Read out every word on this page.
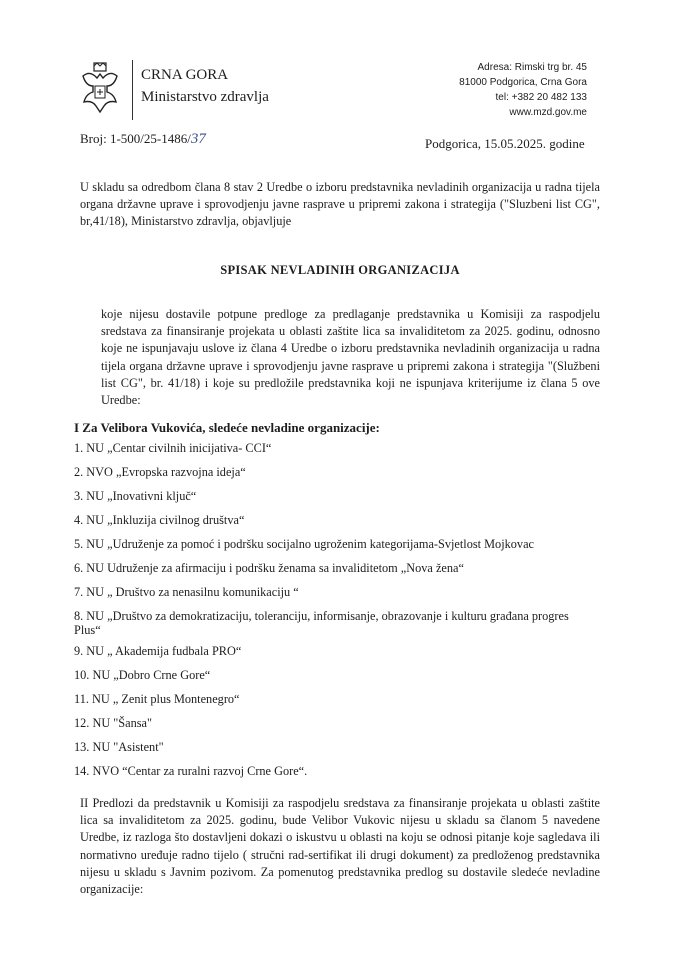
CRNA GORA
Ministarstvo zdravlja
Adresa: Rimski trg br. 45
81000 Podgorica, Crna Gora
tel: +382 20 482 133
www.mzd.gov.me
Broj: 1-500/25-1486/37	Podgorica, 15.05.2025. godine
U skladu sa odredbom člana 8 stav 2 Uredbe o izboru predstavnika nevladinih organizacija u radna tijela organa državne uprave i sprovodjenju javne rasprave u pripremi zakona i strategija ("Sluzbeni list CG", br,41/18), Ministarstvo zdravlja, objavljuje
SPISAK NEVLADINIH ORGANIZACIJA
koje nijesu dostavile potpune predloge za predlaganje predstavnika u Komisiji za raspodjelu sredstava za finansiranje projekata u oblasti zaštite lica sa invaliditetom za 2025. godinu, odnosno koje ne ispunjavaju uslove iz člana 4 Uredbe o izboru predstavnika nevladinih organizacija u radna tijela organa državne uprave i sprovodjenju javne rasprave u pripremi zakona i strategija "(Službeni list CG", br. 41/18) i koje su predložile predstavnika koji ne ispunjava kriterijume iz člana 5 ove Uredbe:
I Za Velibora Vukovića, sledeće nevladine organizacije:
1. NU „Centar civilnih inicijativa- CCI“
2. NVO „Evropska razvojna ideja“
3. NU „Inovativni ključ“
4. NU „Inkluzija civilnog društva“
5. NU „Udruženje za pomoć i podršku socijalno ugroženim kategorijama-Svjetlost Mojkovac
6. NU Udruženje za afirmaciju i podršku ženama sa invaliditetom „Nova žena“
7. NU „ Društvo za nenasilnu komunikaciju “
8. NU „Društvo za demokratizaciju, toleranciju, informisanje, obrazovanje i kulturu građana progres Plus“
9. NU „ Akademija fudbala PRO“
10. NU „Dobro Crne Gore“
11. NU „ Zenit plus Montenegro“
12. NU "Šansa"
13. NU "Asistent"
14. NVO “Centar za ruralni razvoj Crne Gore“.
II Predlozi da predstavnik u Komisiji za raspodjelu sredstava za finansiranje projekata u oblasti zaštite lica sa invaliditetom za 2025. godinu, bude Velibor Vukovic nijesu u skladu sa članom 5 navedene Uredbe, iz razloga što dostavljeni dokazi o iskustvu u oblasti na koju se odnosi pitanje koje sagledava ili normativno uređuje radno tijelo ( stručni rad-sertifikat ili drugi dokument) za predloženog predstavnika nijesu u skladu s Javnim pozivom. Za pomenutog predstavnika predlog su dostavile sledeće nevladine organizacije:
